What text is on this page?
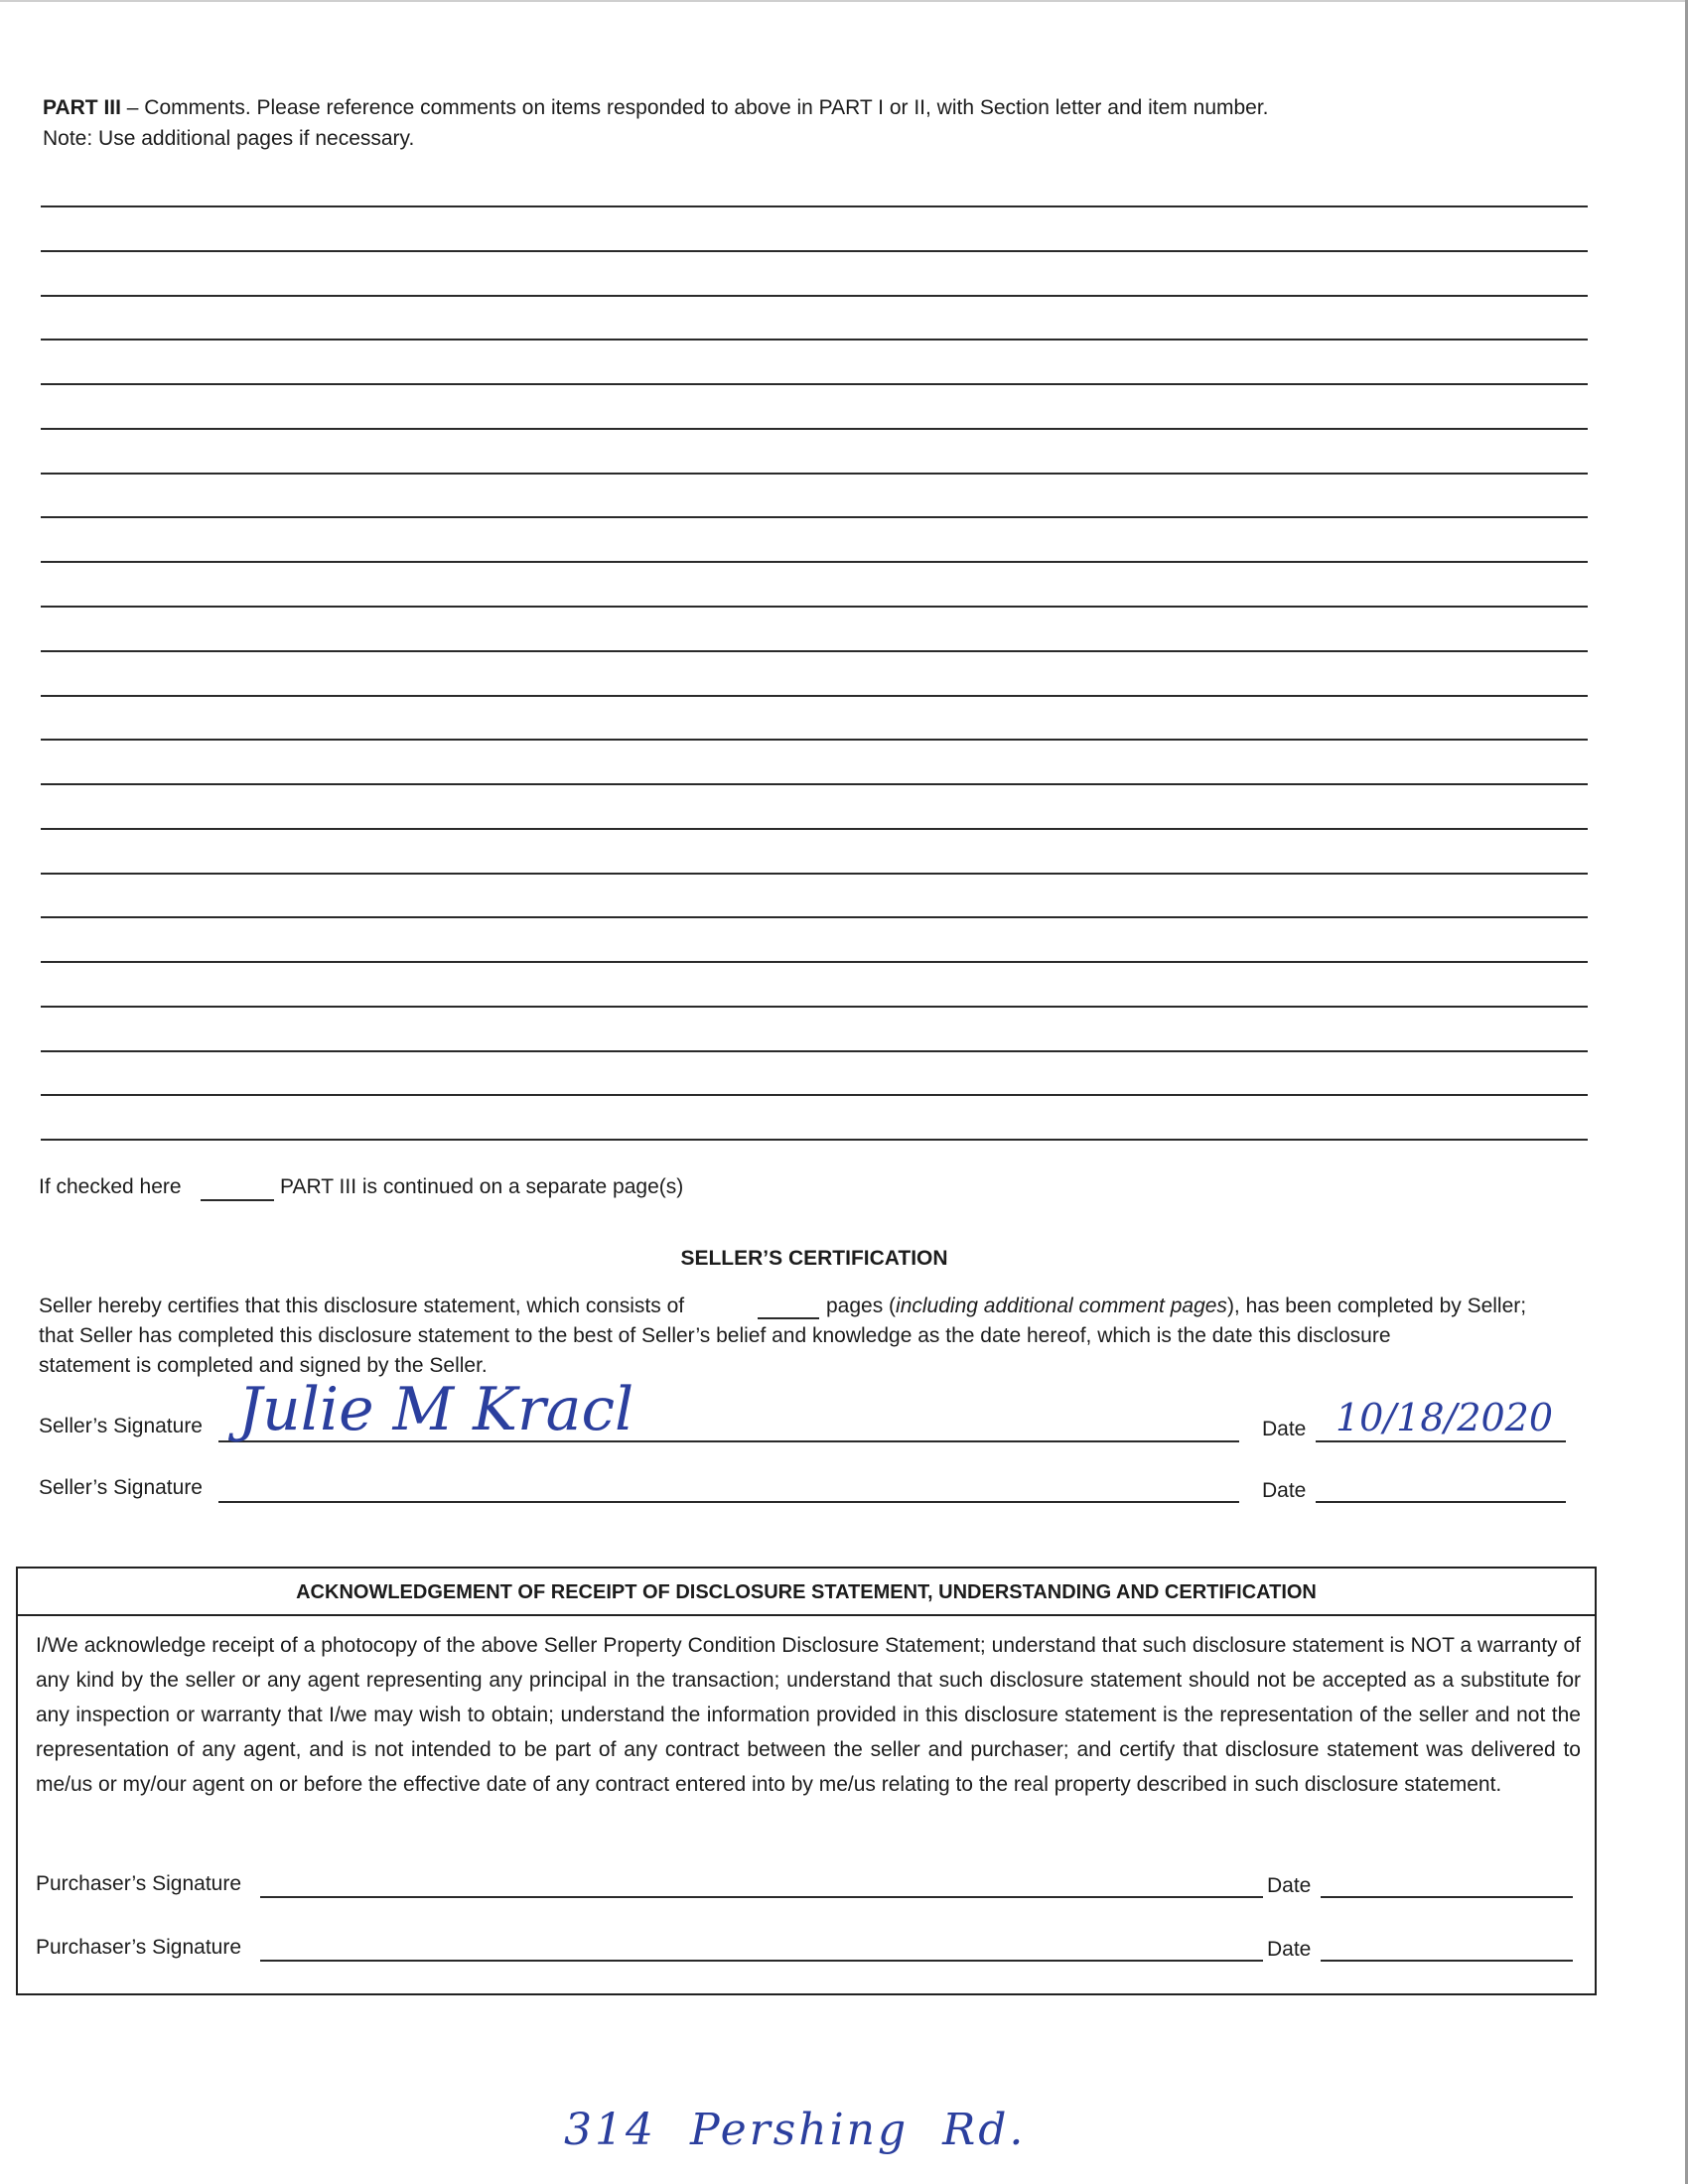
PART III – Comments. Please reference comments on items responded to above in PART I or II, with Section letter and item number.
Note: Use additional pages if necessary.
If checked here	PART III is continued on a separate page(s)
SELLER’S CERTIFICATION
Seller hereby certifies that this disclosure statement, which consists of	pages (including additional comment pages), has been completed by Seller;
that Seller has completed this disclosure statement to the best of Seller’s belief and knowledge as the date hereof, which is the date this disclosure
statement is completed and signed by the Seller.
Seller’s Signature Julie M Kracl	Date 10/18/2020
Seller’s Signature	Date
ACKNOWLEDGEMENT OF RECEIPT OF DISCLOSURE STATEMENT, UNDERSTANDING AND CERTIFICATION
I/We acknowledge receipt of a photocopy of the above Seller Property Condition Disclosure Statement; understand that such disclosure statement is NOT a warranty of any kind by the seller or any agent representing any principal in the transaction; understand that such disclosure statement should not be accepted as a substitute for any inspection or warranty that I/we may wish to obtain; understand the information provided in this disclosure statement is the representation of the seller and not the representation of any agent, and is not intended to be part of any contract between the seller and purchaser; and certify that disclosure statement was delivered to me/us or my/our agent on or before the effective date of any contract entered into by me/us relating to the real property described in such disclosure statement.
Purchaser’s Signature	Date
Purchaser’s Signature	Date
314  Pershing  Rd.
